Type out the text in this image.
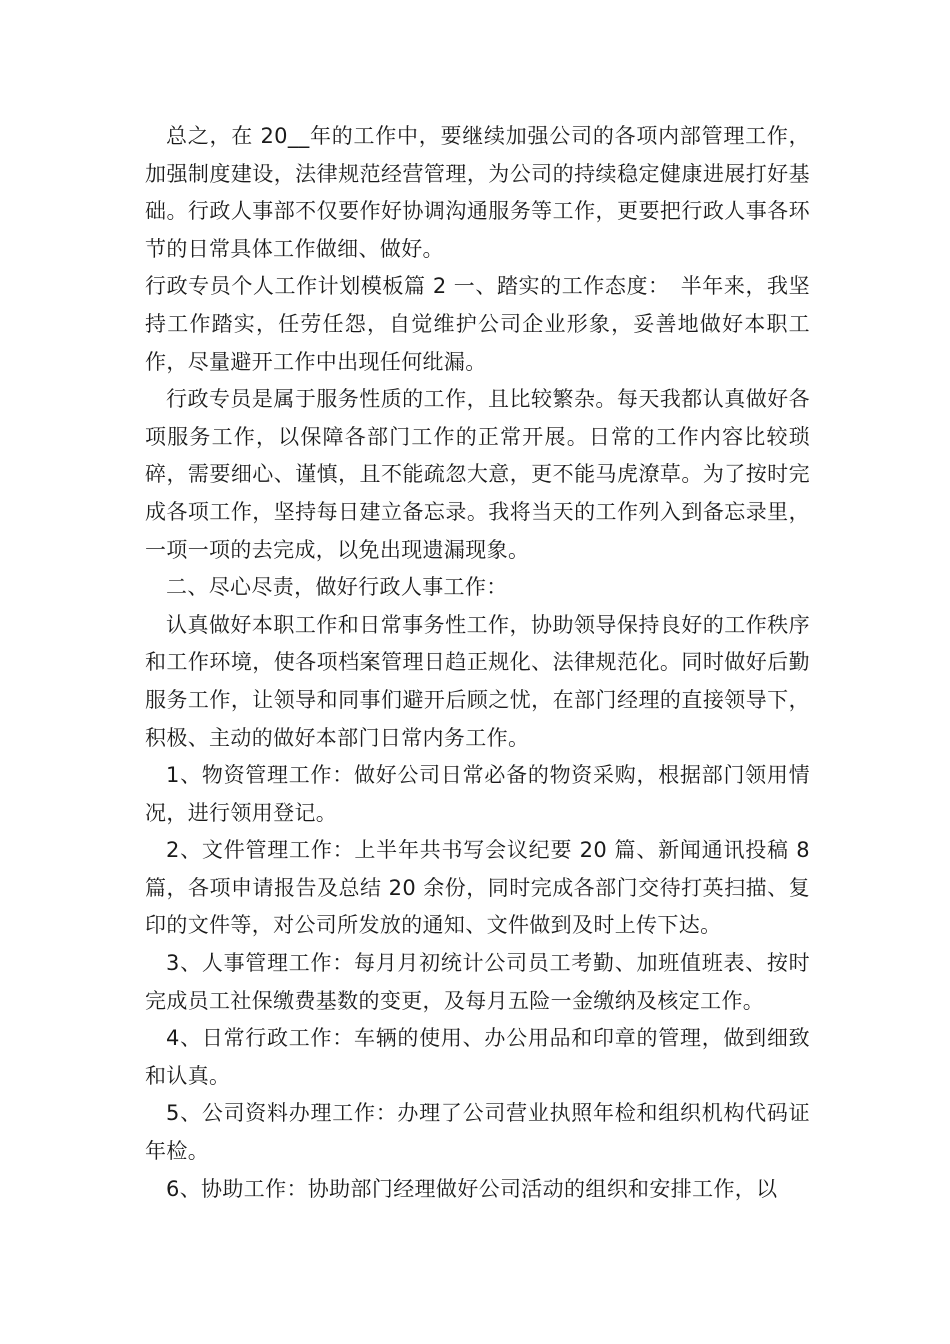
总之，在 20__年的工作中，要继续加强公司的各项内部管理工作，加强制度建设，法律规范经营管理，为公司的持续稳定健康进展打好基础。行政人事部不仅要作好协调沟通服务等工作，更要把行政人事各环节的日常具体工作做细、做好。

行政专员个人工作计划模板篇 2 一、踏实的工作态度：　半年来，我坚持工作踏实，任劳任怨，自觉维护公司企业形象，妥善地做好本职工作，尽量避开工作中出现任何纰漏。

行政专员是属于服务性质的工作，且比较繁杂。每天我都认真做好各项服务工作，以保障各部门工作的正常开展。日常的工作内容比较琐碎，需要细心、谨慎，且不能疏忽大意，更不能马虎潦草。为了按时完成各项工作，坚持每日建立备忘录。我将当天的工作列入到备忘录里，一项一项的去完成，以免出现遗漏现象。

二、尽心尽责，做好行政人事工作：

认真做好本职工作和日常事务性工作，协助领导保持良好的工作秩序和工作环境，使各项档案管理日趋正规化、法律规范化。同时做好后勤服务工作，让领导和同事们避开后顾之忧，在部门经理的直接领导下，积极、主动的做好本部门日常内务工作。

1、物资管理工作：做好公司日常必备的物资采购，根据部门领用情况，进行领用登记。

2、文件管理工作：上半年共书写会议纪要 20 篇、新闻通讯投稿 8 篇，各项申请报告及总结 20 余份，同时完成各部门交待打英扫描、复印的文件等，对公司所发放的通知、文件做到及时上传下达。

3、人事管理工作：每月月初统计公司员工考勤、加班值班表、按时完成员工社保缴费基数的变更，及每月五险一金缴纳及核定工作。

4、日常行政工作：车辆的使用、办公用品和印章的管理，做到细致和认真。

5、公司资料办理工作：办理了公司营业执照年检和组织机构代码证年检。

6、协助工作：协助部门经理做好公司活动的组织和安排工作，以
